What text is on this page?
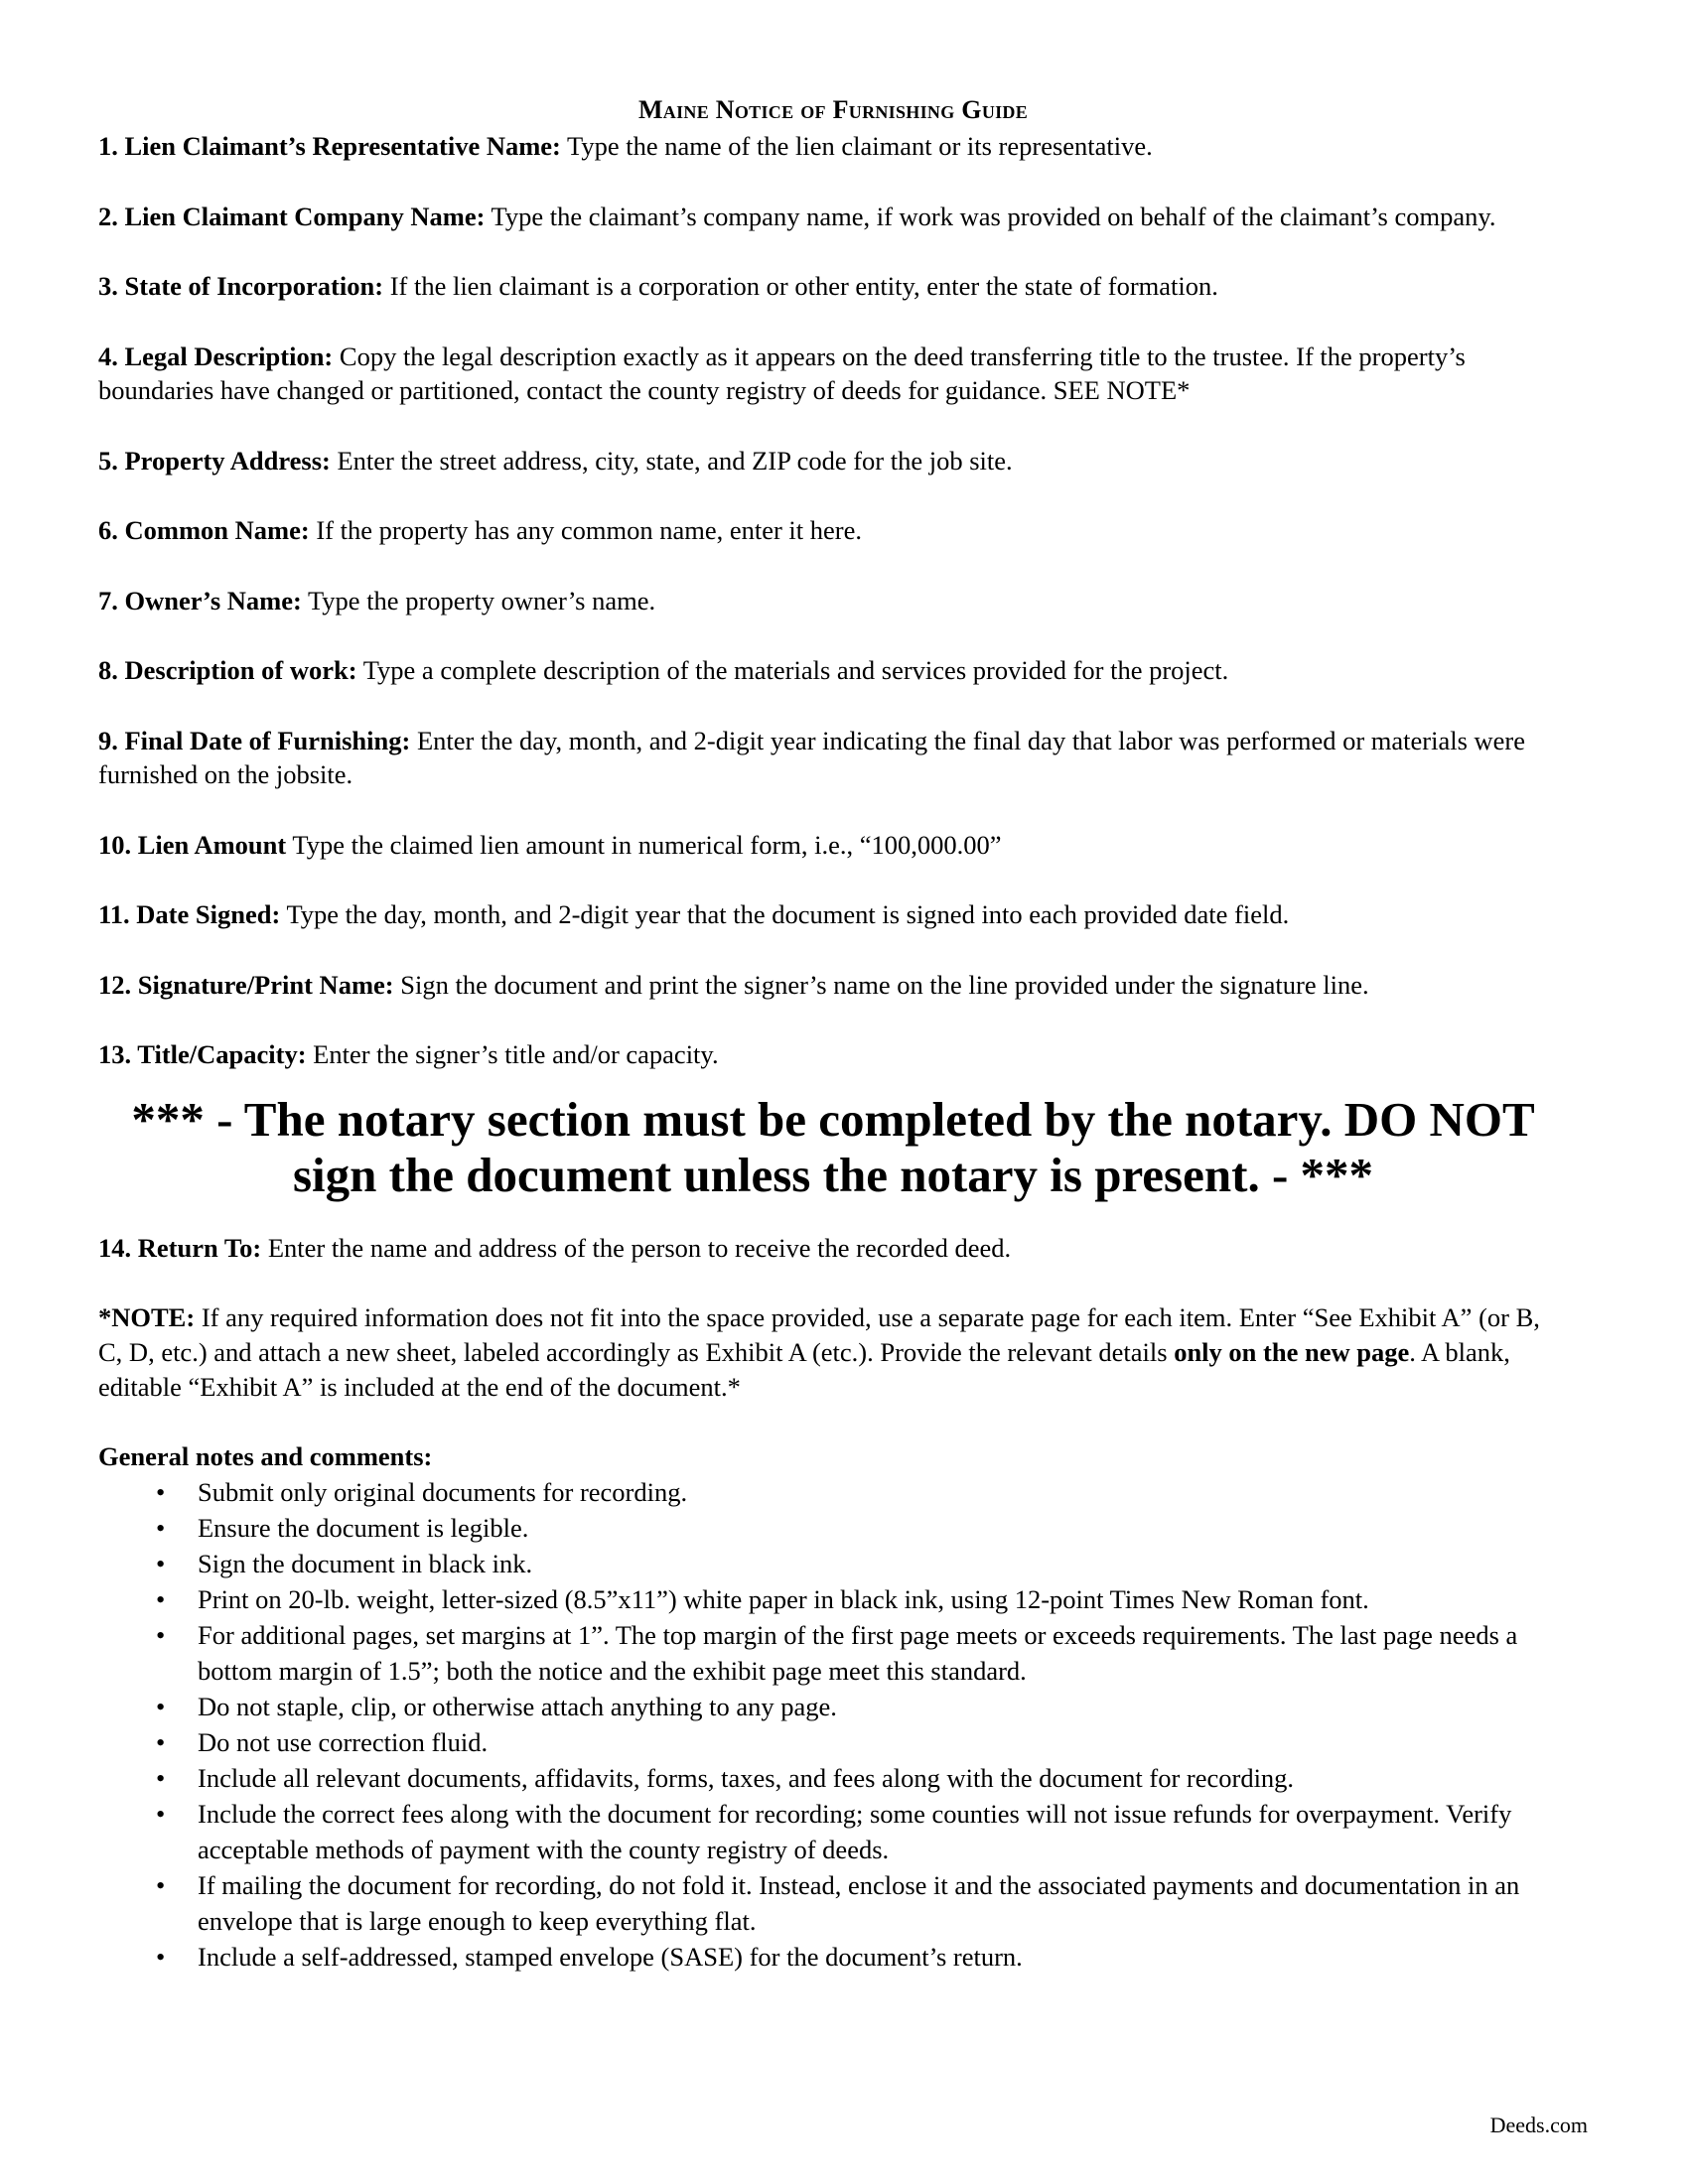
Maine Notice of Furnishing Guide

1. Lien Claimant’s Representative Name: Type the name of the lien claimant or its representative.

2. Lien Claimant Company Name: Type the claimant’s company name, if work was provided on behalf of the claimant’s company.

3. State of Incorporation: If the lien claimant is a corporation or other entity, enter the state of formation.

4. Legal Description: Copy the legal description exactly as it appears on the deed transferring title to the trustee. If the property’s boundaries have changed or partitioned, contact the county registry of deeds for guidance. SEE NOTE*

5. Property Address: Enter the street address, city, state, and ZIP code for the job site.

6. Common Name: If the property has any common name, enter it here.

7. Owner’s Name: Type the property owner’s name.

8. Description of work: Type a complete description of the materials and services provided for the project.

9. Final Date of Furnishing: Enter the day, month, and 2-digit year indicating the final day that labor was performed or materials were furnished on the jobsite.

10. Lien Amount Type the claimed lien amount in numerical form, i.e., “100,000.00”

11. Date Signed: Type the day, month, and 2-digit year that the document is signed into each provided date field.

12. Signature/Print Name: Sign the document and print the signer’s name on the line provided under the signature line.

13. Title/Capacity: Enter the signer’s title and/or capacity.

*** - The notary section must be completed by the notary. DO NOT
sign the document unless the notary is present. - ***

14. Return To: Enter the name and address of the person to receive the recorded deed.

*NOTE: If any required information does not fit into the space provided, use a separate page for each item. Enter “See Exhibit A” (or B, C, D, etc.) and attach a new sheet, labeled accordingly as Exhibit A (etc.). Provide the relevant details only on the new page. A blank, editable “Exhibit A” is included at the end of the document.*

General notes and comments:

• Submit only original documents for recording.
• Ensure the document is legible.
• Sign the document in black ink.
• Print on 20-lb. weight, letter-sized (8.5”x11”) white paper in black ink, using 12-point Times New Roman font.
• For additional pages, set margins at 1”. The top margin of the first page meets or exceeds requirements. The last page needs a bottom margin of 1.5”; both the notice and the exhibit page meet this standard.
• Do not staple, clip, or otherwise attach anything to any page.
• Do not use correction fluid.
• Include all relevant documents, affidavits, forms, taxes, and fees along with the document for recording.
• Include the correct fees along with the document for recording; some counties will not issue refunds for overpayment. Verify acceptable methods of payment with the county registry of deeds.
• If mailing the document for recording, do not fold it. Instead, enclose it and the associated payments and documentation in an envelope that is large enough to keep everything flat.
• Include a self-addressed, stamped envelope (SASE) for the document’s return.
Deeds.com
